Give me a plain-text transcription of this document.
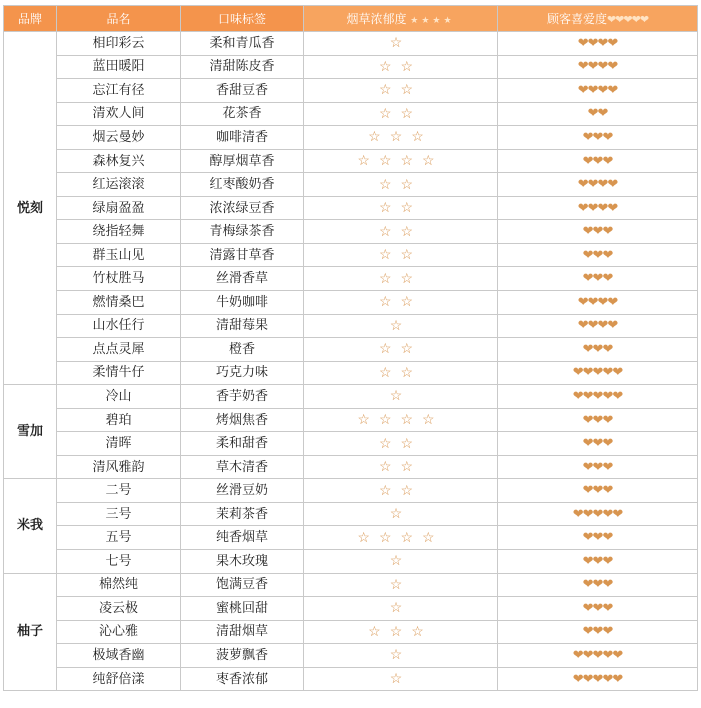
品牌	品名	口味标签	烟草浓郁度 ★★★★	顾客喜爱度❤❤❤❤❤
悦刻	相印彩云	柔和青瓜香	☆	❤❤❤❤
	蓝田暖阳	清甜陈皮香	☆☆	❤❤❤❤
	忘江有径	香甜豆香	☆☆	❤❤❤❤
	清欢人间	花茶香	☆☆	❤❤
	烟云曼妙	咖啡清香	☆☆☆	❤❤❤
	森林复兴	醇厚烟草香	☆☆☆☆	❤❤❤
	红运滚滚	红枣酸奶香	☆☆	❤❤❤❤
	绿扇盈盈	浓浓绿豆香	☆☆	❤❤❤❤
	绕指轻舞	青梅绿茶香	☆☆	❤❤❤
	群玉山见	清露甘草香	☆☆	❤❤❤
	竹杖胜马	丝滑香草	☆☆	❤❤❤
	燃情桑巴	牛奶咖啡	☆☆	❤❤❤❤
	山水任行	清甜莓果	☆	❤❤❤❤
	点点灵犀	橙香	☆☆	❤❤❤
	柔情牛仔	巧克力味	☆☆	❤❤❤❤❤
雪加	冷山	香芋奶香	☆	❤❤❤❤❤
	碧珀	烤烟焦香	☆☆☆☆	❤❤❤
	清晖	柔和甜香	☆☆	❤❤❤
	清风雅韵	草木清香	☆☆	❤❤❤
米我	二号	丝滑豆奶	☆☆	❤❤❤
	三号	茉莉茶香	☆	❤❤❤❤❤
	五号	纯香烟草	☆☆☆☆	❤❤❤
	七号	果木玫瑰	☆	❤❤❤
柚子	棉然纯	饱满豆香	☆	❤❤❤
	凌云极	蜜桃回甜	☆	❤❤❤
	沁心雅	清甜烟草	☆☆☆	❤❤❤
	极域香幽	菠萝飘香	☆	❤❤❤❤❤
	纯舒倍漾	枣香浓郁	☆	❤❤❤❤❤
